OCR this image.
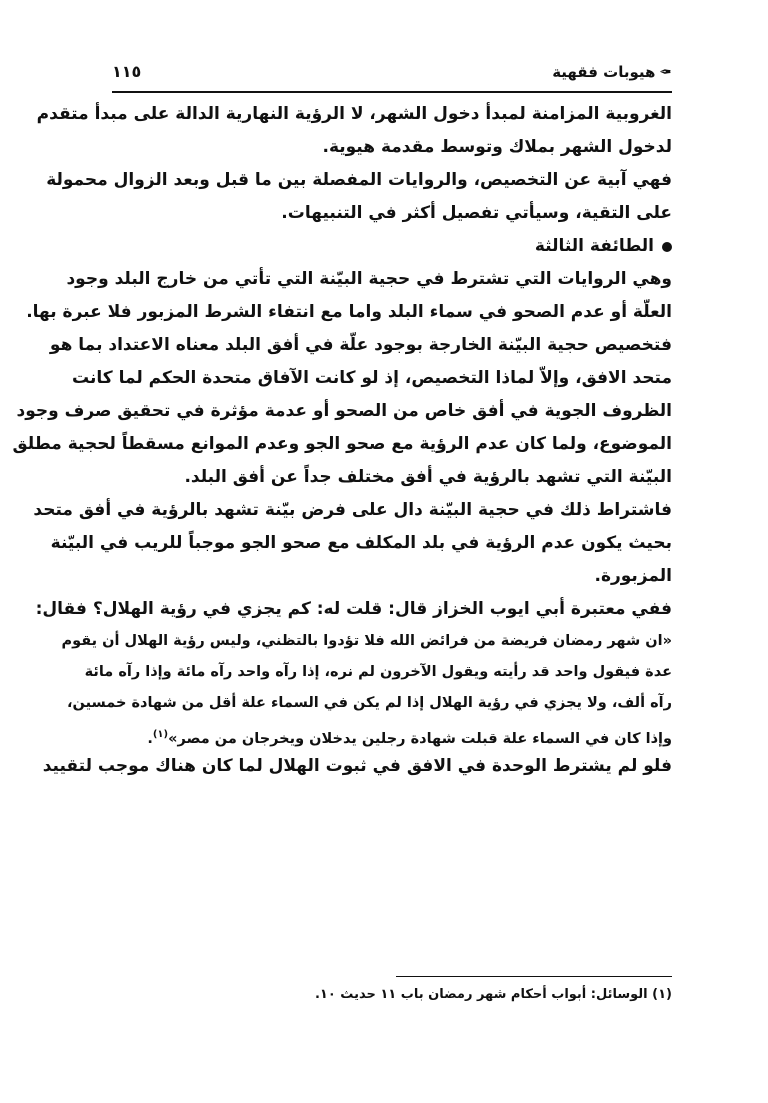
✒
هيوبات فقهية
١١٥
الغروبية المزامنة لمبدأ دخول الشهر، لا الرؤية النهارية الدالة على مبدأ متقدم
لدخول الشهر بملاك وتوسط مقدمة هيوية.
فهي آبية عن التخصيص، والروايات المفصلة بين ما قبل وبعد الزوال محمولة
على التقية، وسيأتي تفصيل أكثر في التنبيهات.
الطائفة الثالثة
وهي الروايات التي تشترط في حجية البيّنة التي تأتي من خارج البلد وجود
العلّة أو عدم الصحو في سماء البلد واما مع انتفاء الشرط المزبور فلا عبرة بها.
فتخصيص حجية البيّنة الخارجة بوجود علّة في أفق البلد معناه الاعتداد بما هو
متحد الافق، وإلاّ لماذا التخصيص، إذ لو كانت الآفاق متحدة الحكم لما كانت
الظروف الجوية في أفق خاص من الصحو أو عدمة مؤثرة في تحقيق صرف وجود
الموضوع، ولما كان عدم الرؤية مع صحو الجو وعدم الموانع مسقطاً لحجية مطلق
البيّنة التي تشهد بالرؤية في أفق مختلف جداً عن أفق البلد.
فاشتراط ذلك في حجية البيّنة دال على فرض بيّنة تشهد بالرؤية في أفق متحد
بحيث يكون عدم الرؤية في بلد المكلف مع صحو الجو موجباً للريب في البيّنة
المزبورة.
ففي معتبرة أبي ايوب الخزاز قال: قلت له: كم يجزي في رؤية الهلال؟ فقال:
«ان شهر رمضان فريضة من فرائض الله فلا تؤدوا بالتظني، وليس رؤية الهلال أن يقوم
عدة فيقول واحد قد رأيته ويقول الآخرون لم نره، إذا رآه واحد رآه مائة وإذا رآه مائة
رآه ألف، ولا يجزي في رؤية الهلال إذا لم يكن في السماء علة أقل من شهادة خمسين،
وإذا كان في السماء علة قبلت شهادة رجلين يدخلان ويخرجان من مصر»$^{(١)}$.
فلو لم يشترط الوحدة في الافق في ثبوت الهلال لما كان هناك موجب لتقييد
(١) الوسائل: أبواب أحكام شهر رمضان باب ١١ حديث ١٠.
